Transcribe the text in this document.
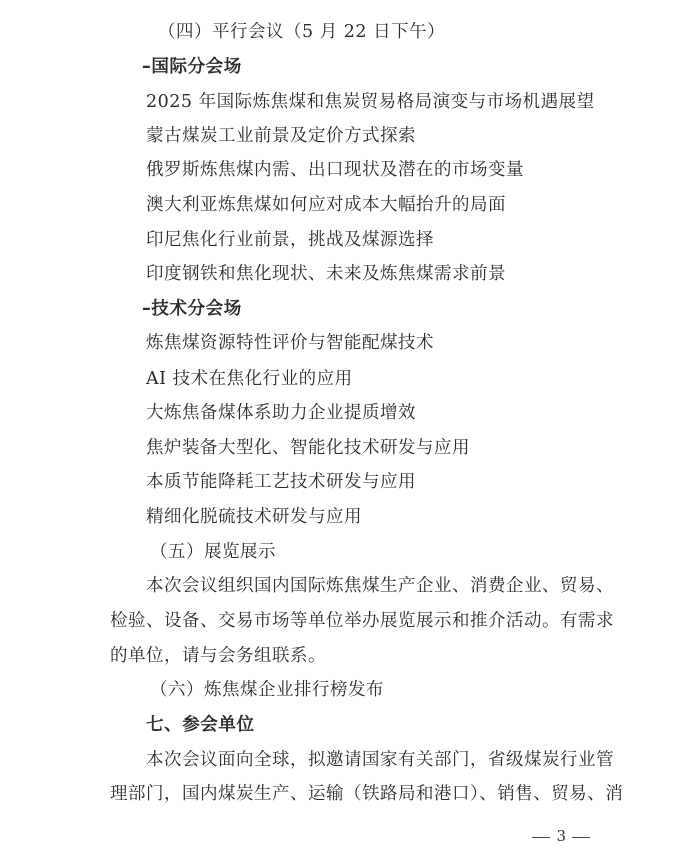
（四）平行会议（5 月 22 日下午）
–国际分会场
2025 年国际炼焦煤和焦炭贸易格局演变与市场机遇展望
蒙古煤炭工业前景及定价方式探索
俄罗斯炼焦煤内需、出口现状及潜在的市场变量
澳大利亚炼焦煤如何应对成本大幅抬升的局面
印尼焦化行业前景，挑战及煤源选择
印度钢铁和焦化现状、未来及炼焦煤需求前景
–技术分会场
炼焦煤资源特性评价与智能配煤技术
AI 技术在焦化行业的应用
大炼焦备煤体系助力企业提质增效
焦炉装备大型化、智能化技术研发与应用
本质节能降耗工艺技术研发与应用
精细化脱硫技术研发与应用
（五）展览展示
本次会议组织国内国际炼焦煤生产企业、消费企业、贸易、
检验、设备、交易市场等单位举办展览展示和推介活动。有需求
的单位，请与会务组联系。
（六）炼焦煤企业排行榜发布
七、参会单位
本次会议面向全球，拟邀请国家有关部门，省级煤炭行业管
理部门，国内煤炭生产、运输（铁路局和港口）、销售、贸易、消
3
